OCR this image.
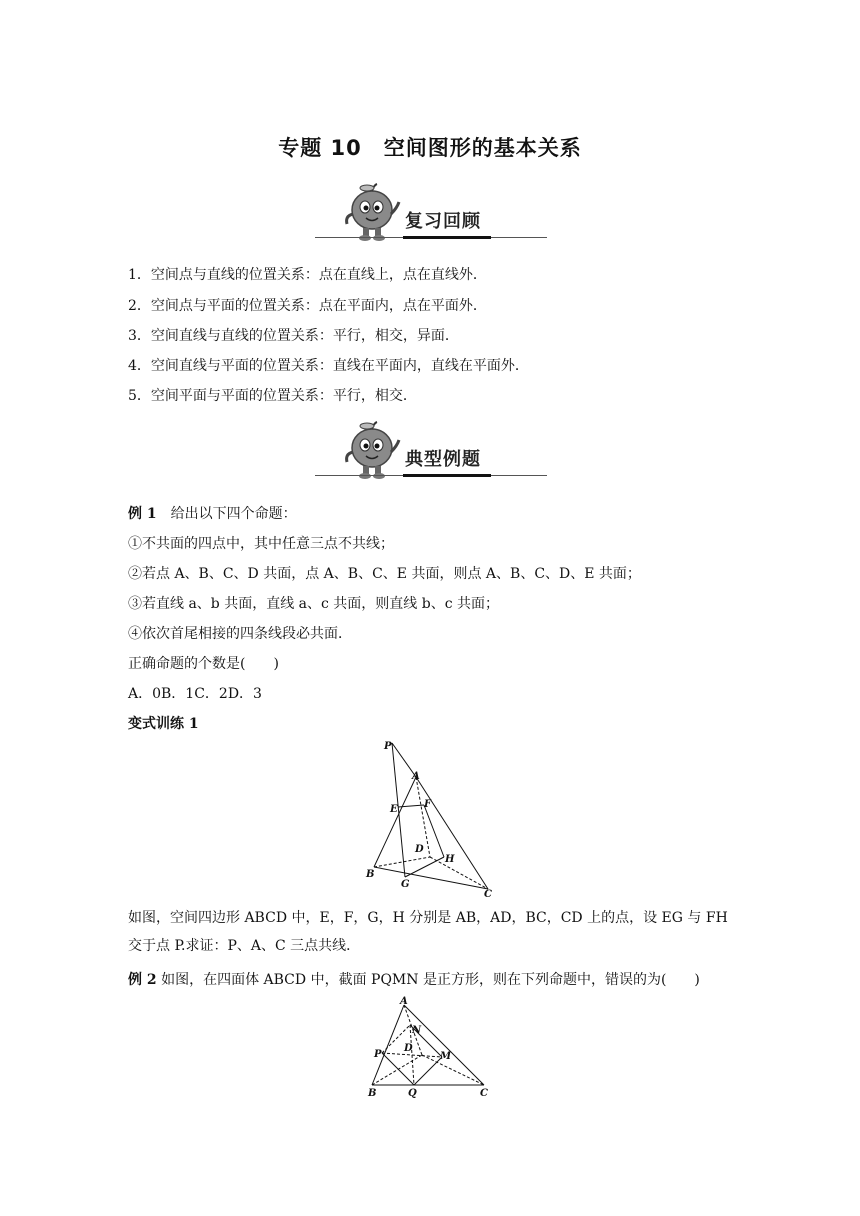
专题 10　空间图形的基本关系
复习回顾
1．空间点与直线的位置关系：点在直线上，点在直线外．
2．空间点与平面的位置关系：点在平面内，点在平面外．
3．空间直线与直线的位置关系：平行，相交，异面．
4．空间直线与平面的位置关系：直线在平面内，直线在平面外．
5．空间平面与平面的位置关系：平行，相交．
典型例题
例 1　给出以下四个命题：
①不共面的四点中，其中任意三点不共线；
②若点 A、B、C、D 共面，点 A、B、C、E 共面，则点 A、B、C、D、E 共面；
③若直线 a、b 共面，直线 a、c 共面，则直线 b、c 共面；
④依次首尾相接的四条线段必共面．
正确命题的个数是(　　)
A．0B．1C．2D．3
变式训练 1
P
A
E	F
D
H
B
G
C
如图，空间四边形 ABCD 中，E，F，G，H 分别是 AB，AD，BC，CD 上的点，设 EG 与 FH
交于点 P.求证：P、A、C 三点共线．
例 2 如图，在四面体 ABCD 中，截面 PQMN 是正方形，则在下列命题中，错误的为(　　)
A
N
D
P	M
B	Q	C
